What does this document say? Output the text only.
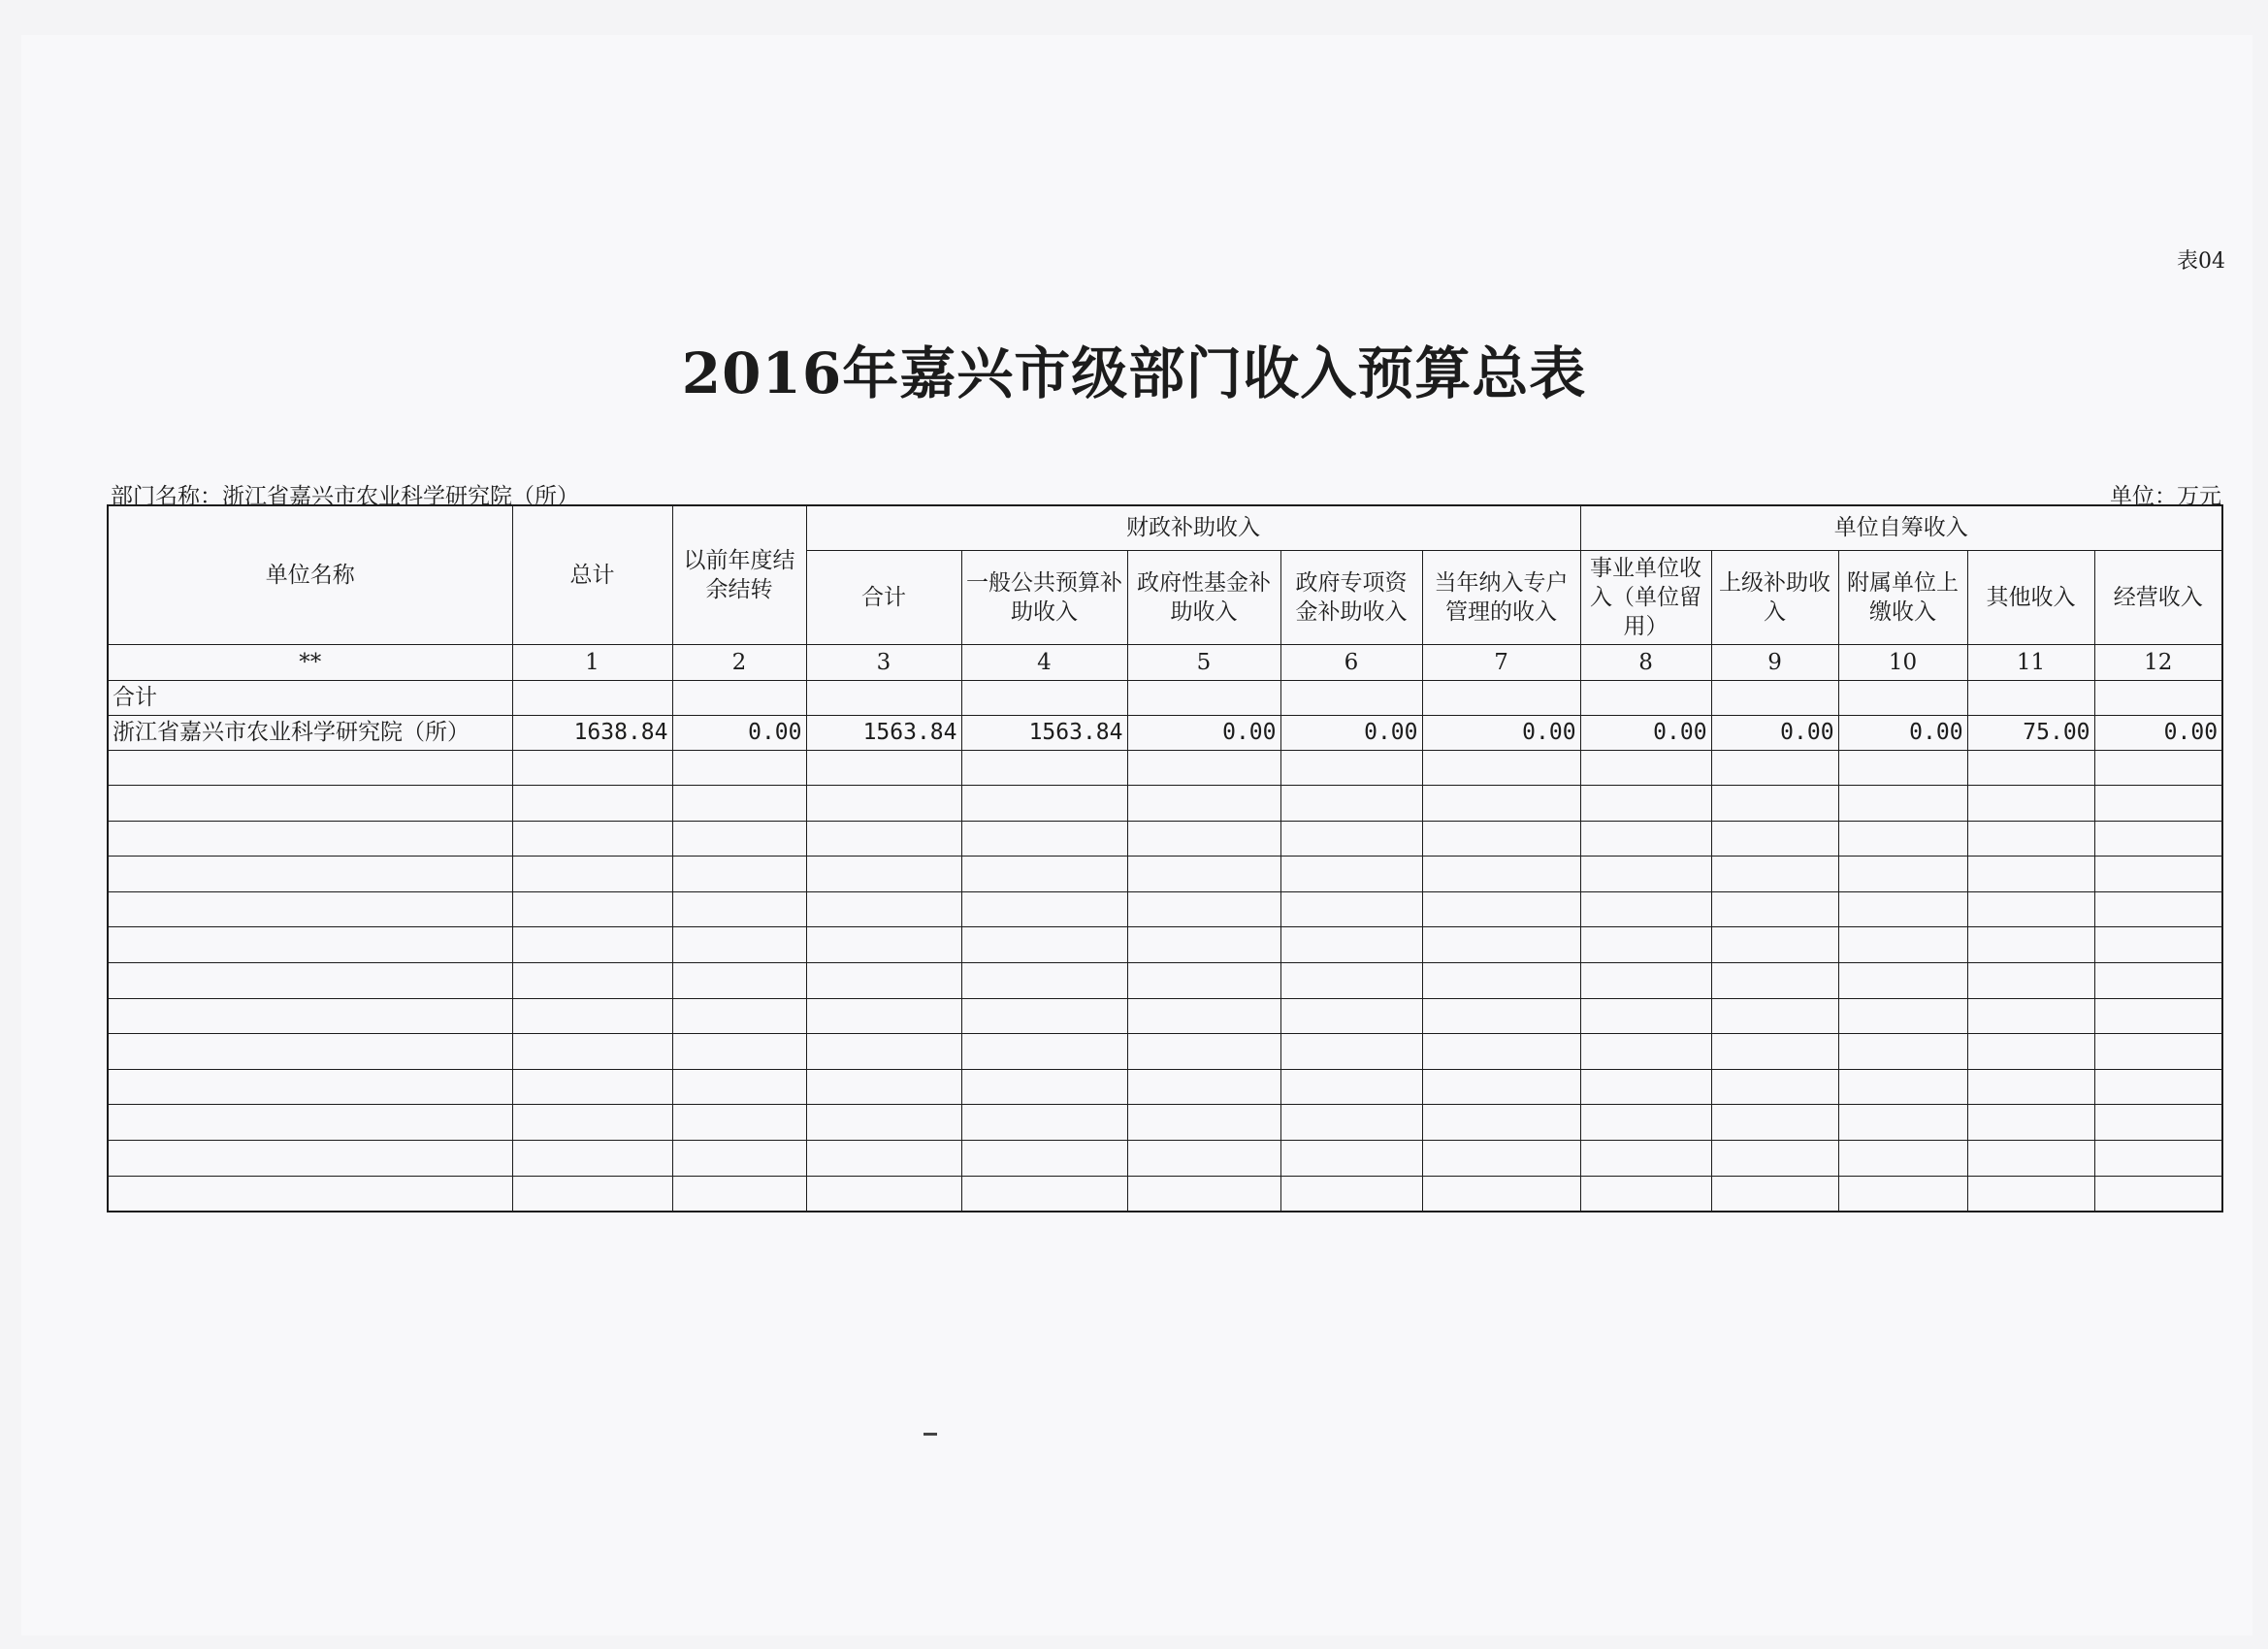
表04
2016年嘉兴市级部门收入预算总表
部门名称：浙江省嘉兴市农业科学研究院（所）	单位：万元
单位名称	总计	以前年度结余结转	财政补助收入					单位自筹收入				
			合计	一般公共预算补助收入	政府性基金补助收入	政府专项资金补助收入	当年纳入专户管理的收入	事业单位收入（单位留用）	上级补助收入	附属单位上缴收入	其他收入	经营收入
**	1	2	3	4	5	6	7	8	9	10	11	12
合计												
浙江省嘉兴市农业科学研究院（所）	1638.84	0.00	1563.84	1563.84	0.00	0.00	0.00	0.00	0.00	0.00	75.00	0.00
